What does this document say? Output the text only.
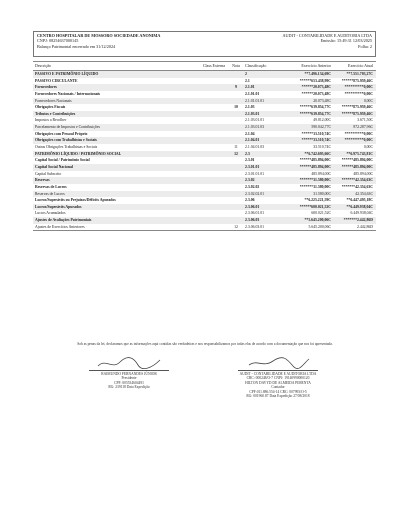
CENTRO HOSPITALAR DE MOSSORO SOCIEDADE ANONIMA
CNPJ: 08254637000145
Balanço Patrimonial encerrado em 31/12/2024
AUDIT - CONTABILIDADE E AUDITORIA LTDA
Emissão: 15:49:31 12/03/2025
Folha: 2
Descrição	Class Externa	Nota	Classificação	Exercício Anterior	Exercício Atual
PASSIVO E PATRIMÔNIO LÍQUIDO	2	**7.496.134,69C	**7.551.703,27C
PASSIVO CIRCULANTE	2.1	******653.438,99C	******875.959,46C
Fornecedores	9	2.1.01	******20.073,48C	**********0,00C
Fornecedores Nacionais / Internacionais	2.1.01.01	******20.073,48C	**********0,00C
Fornecedores Nacionais	2.1.01.01.01	20.073,48C	0,00C
Obrigações Fiscais	10	2.1.03	******639.854,77C	******875.959,46C
Tributos e Contribuições	2.1.03.01	******639.854,77C	******875.959,46C
Impostos a Recolher	2.1.03.01.01	49.812,00C	3.671,50C
Parcelamento de Impostos e Contribuições	2.1.03.01.03	590.042,77C	872.287,96C
Obrigações com Pessoal Próprio	2.1.04	******33.510,74C	**********0,00C
Obrigações com Trabalhistas e Sociais	2.1.04.01	******33.510,74C	**********0,00C
Outras Obrigações Trabalhistas e Sociais	11	2.1.04.01.03	33.510,74C	0,00C
PATRIMÔNIO LÍQUIDO / PATRIMÔNIO SOCIAL	12	2.3	**6.742.695,66C	**6.975.743,81C
Capital Social / Patrimônio Social	2.3.01	******485.894,00C	******485.894,00C
Capital Social Nacional	2.3.01.01	******485.894,00C	******485.894,00C
Capital Subscrito	2.3.01.01.01	485.894,00C	485.894,00C
Reservas	2.3.02	*******31.580,00C	*******42.354,63C
Reservas de Lucros	2.3.02.02	*******31.580,00C	*******42.354,63C
Reservas de Lucros	2.3.02.02.01	31.580,00C	42.354,63C
Lucros/Superávits ou Prejuízos/Déficits Apurados	2.3.06	**6.225.221,59C	**6.447.495,18C
Lucros/Superávits Apurados	2.3.06.01	******600.021,52C	**6.449.938,04C
Lucros Acumulados	2.3.06.01.01	600.021,52C	6.449.938,04C
Ajustes de Avaliações Patrimoniais	2.3.06.03	**5.645.200,06C	*******2.442,86D
Ajustes de Exercícios Anteriores	12	2.3.06.03.01	5.645.200,06C	2.442,86D
Sob as penas da lei, declaramos que as informações aqui contidas são verdadeiras e nos responsabilizamos por todas elas de acordo com a documentação que nos foi apresentada.
RAIMUNDO FERNANDES JÚNIOR
Presidente
CPF: 005534604491
RG: 239118 Data Expedição
AUDIT - CONTABILIDADE E AUDITORIA LTDA
CRC: 000248/O-7 CNPJ: 19140990000120
HILTON DAVYD DE ALMEIDA PIMENTA
Contador
CPF:011.886.554-14 CRC: 007993/O-5
RG: 001960.87 Data Expedição 27/08/2018
